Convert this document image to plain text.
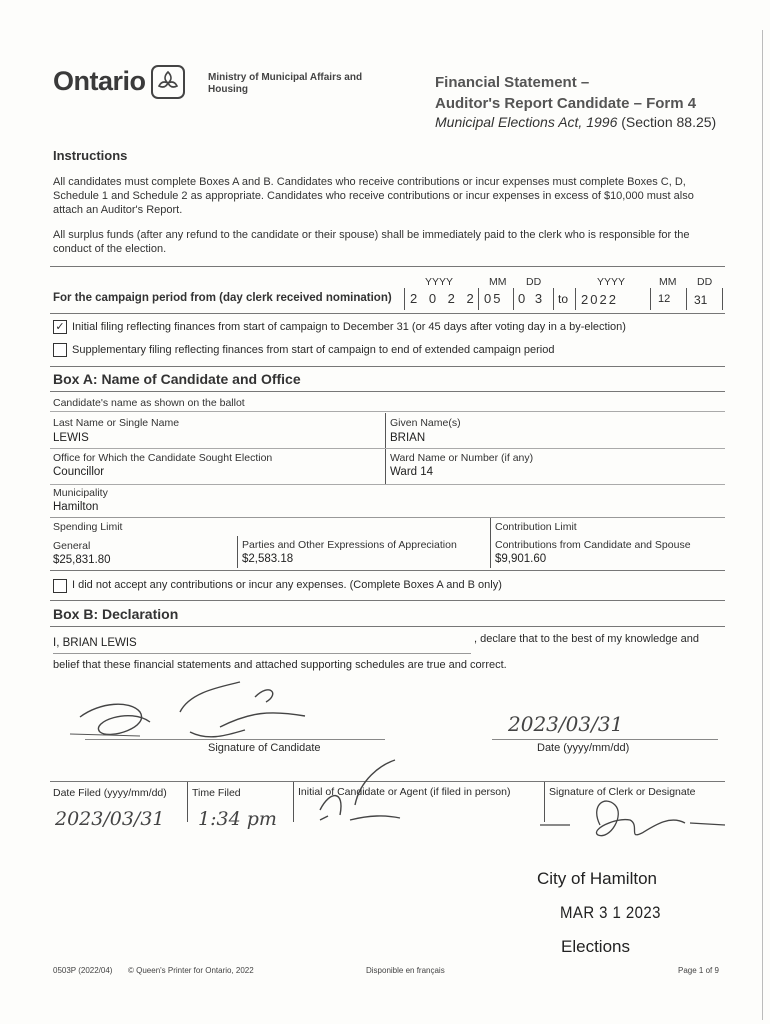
Ontario	Ministry of Municipal Affairs and Housing	Financial Statement –
Auditor's Report Candidate – Form 4
Municipal Elections Act, 1996 (Section 88.25)
Instructions
All candidates must complete Boxes A and B. Candidates who receive contributions or incur expenses must complete Boxes C, D, Schedule 1 and Schedule 2 as appropriate. Candidates who receive contributions or incur expenses in excess of $10,000 must also attach an Auditor's Report.
All surplus funds (after any refund to the candidate or their spouse) shall be immediately paid to the clerk who is responsible for the conduct of the election.
YYYY	MM DD	YYYY	MM DD
For the campaign period from (day clerk received nomination) 2 0 2 2 05 0 3 to 2022	12 31
✓ Initial filing reflecting finances from start of campaign to December 31 (or 45 days after voting day in a by-election)
Supplementary filing reflecting finances from start of campaign to end of extended campaign period
Box A: Name of Candidate and Office
Candidate's name as shown on the ballot
Last Name or Single Name
LEWIS
Given Name(s)
BRIAN
Office for Which the Candidate Sought Election
Councillor
Ward Name or Number (if any)
Ward 14
Municipality
Hamilton
Spending Limit	Contribution Limit
General
$25,831.80
Parties and Other Expressions of Appreciation
$2,583.18
Contributions from Candidate and Spouse
$9,901.60
I did not accept any contributions or incur any expenses. (Complete Boxes A and B only)
Box B: Declaration
I, BRIAN LEWIS	, declare that to the best of my knowledge and
belief that these financial statements and attached supporting schedules are true and correct.
Signature of Candidate
2023/03/31
Date (yyyy/mm/dd)
Date Filed (yyyy/mm/dd) Time Filed	Initial of Candidate or Agent (if filed in person)	Signature of Clerk or Designate
2023/03/31 1:34 pm
City of Hamilton
MAR 3 1 2023
Elections
0503P (2022/04) © Queen's Printer for Ontario, 2022	Disponible en français	Page 1 of 9
